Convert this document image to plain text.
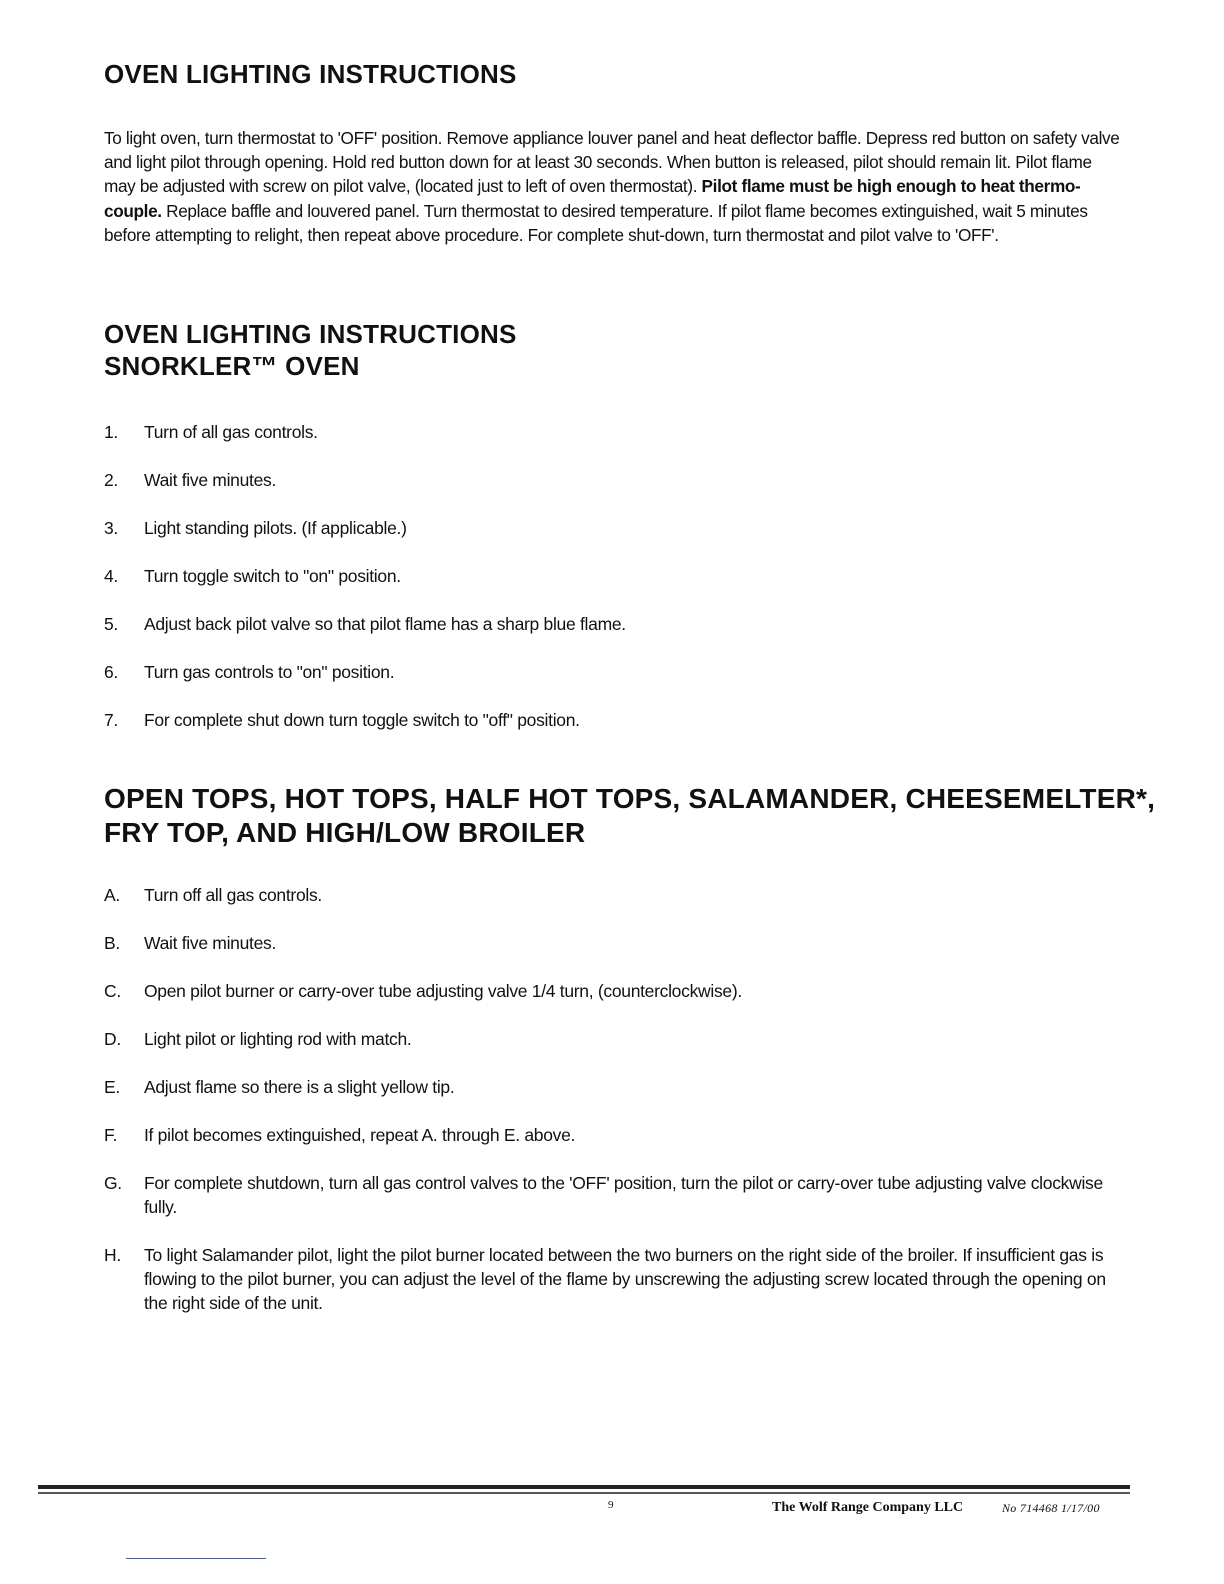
OVEN LIGHTING INSTRUCTIONS

To light oven, turn thermostat to 'OFF' position. Remove appliance louver panel and heat deflector baffle. Depress red button on safety valve and light pilot through opening. Hold red button down for at least 30 seconds. When button is released, pilot should remain lit. Pilot flame may be adjusted with screw on pilot valve, (located just to left of oven thermostat). Pilot flame must be high enough to heat thermo-couple. Replace baffle and louvered panel. Turn thermostat to desired temperature. If pilot flame becomes extinguished, wait 5 minutes before attempting to relight, then repeat above procedure. For complete shut-down, turn thermostat and pilot valve to 'OFF'.

OVEN LIGHTING INSTRUCTIONS
SNORKLER™ OVEN
1.	Turn of all gas controls.
2.	Wait five minutes.
3.	Light standing pilots. (If applicable.)
4.	Turn toggle switch to "on" position.
5.	Adjust back pilot valve so that pilot flame has a sharp blue flame.
6.	Turn gas controls to "on" position.
7.	For complete shut down turn toggle switch to "off" position.
OPEN TOPS, HOT TOPS, HALF HOT TOPS, SALAMANDER, CHEESEMELTER*,
FRY TOP, AND HIGH/LOW BROILER
A.	Turn off all gas controls.
B.	Wait five minutes.
C.	Open pilot burner or carry-over tube adjusting valve 1/4 turn, (counterclockwise).
D.	Light pilot or lighting rod with match.
E.	Adjust flame so there is a slight yellow tip.
F.	If pilot becomes extinguished, repeat A. through E. above.
G.	For complete shutdown, turn all gas control valves to the 'OFF' position, turn the pilot or carry-over tube adjusting valve clockwise fully.
H.	To light Salamander pilot, light the pilot burner located between the two burners on the right side of the broiler. If insufficient gas is flowing to the pilot burner, you can adjust the level of the flame by unscrewing the adjusting screw located through the opening on the right side of the unit.
9	The Wolf Range Company LLC	No 714468 1/17/00
